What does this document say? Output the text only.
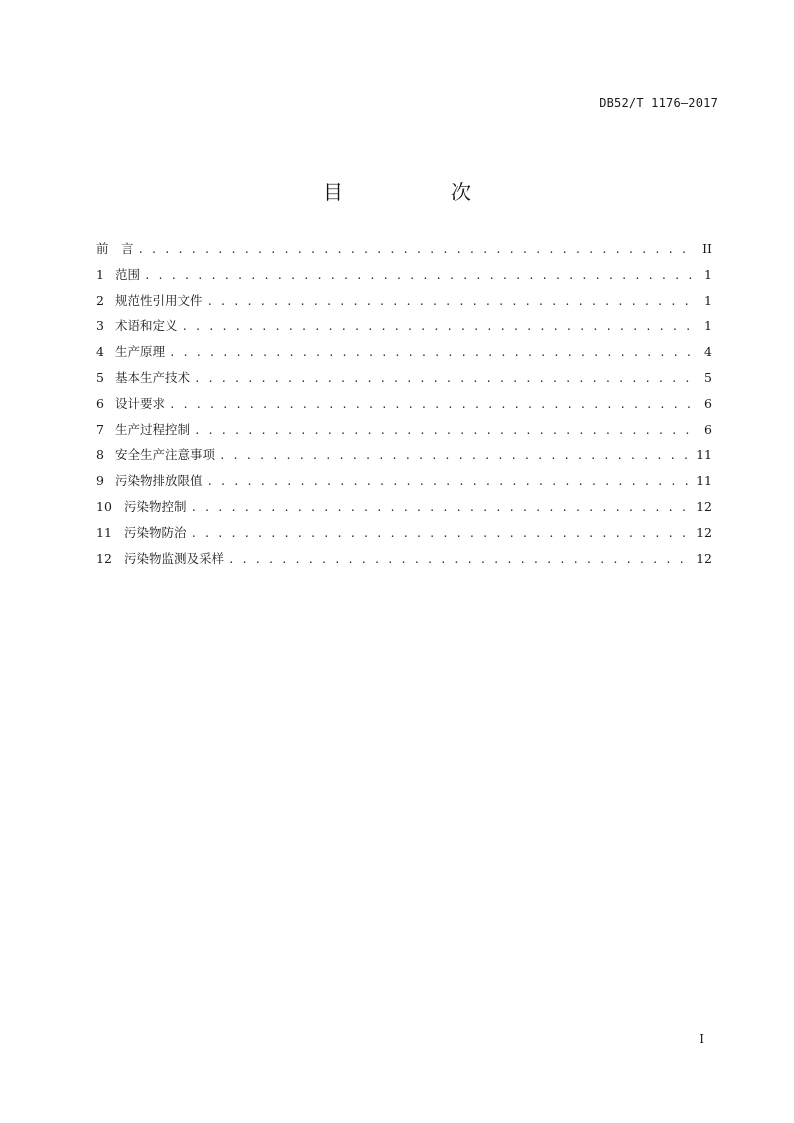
DB52/T 1176—2017
目　次
前　言 . . .	II
1 范围 . . .	1
2 规范性引用文件 . . .	1
3 术语和定义 . . .	1
4 生产原理 . . .	4
5 基本生产技术 . . .	5
6 设计要求 . . .	6
7 生产过程控制 . . .	6
8 安全生产注意事项 . . .	11
9 污染物排放限值 . . .	11
10 污染物控制 . . .	12
11 污染物防治 . . .	12
12 污染物监测及采样 . . .	12
I
